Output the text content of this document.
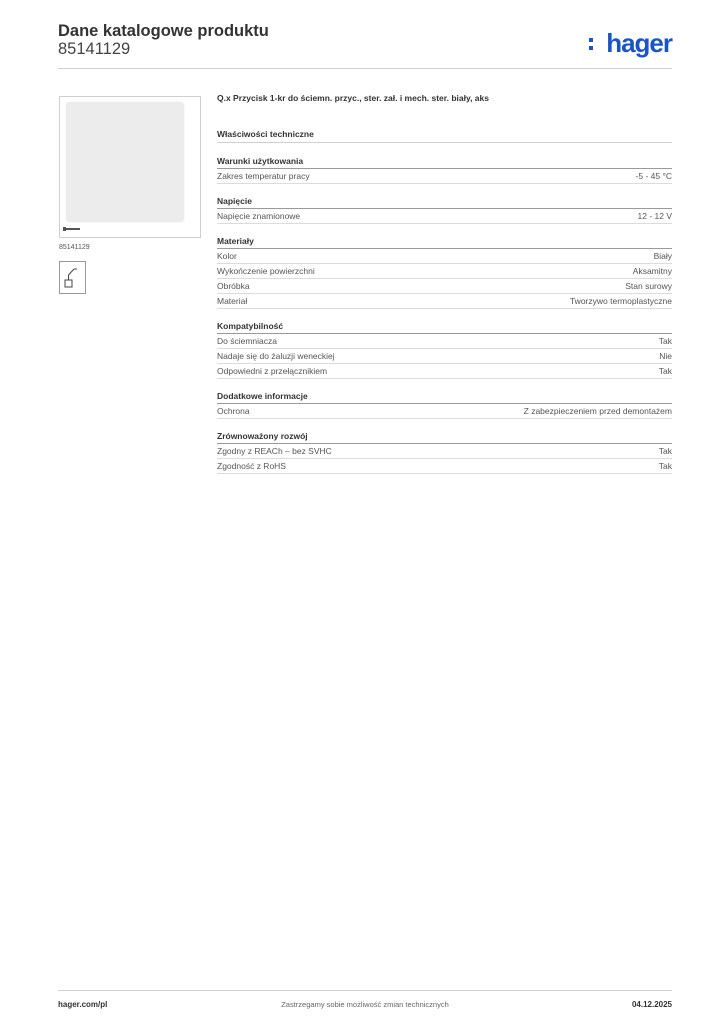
Dane katalogowe produktu
85141129	hager
85141129
Q.x Przycisk 1-kr do ściemn. przyc., ster. zał. i mech. ster. biały, aks
Właściwości techniczne
Warunki użytkowania
Zakres temperatur pracy	-5 - 45 °C
Napięcie
Napięcie znamionowe	12 - 12 V
Materiały
Kolor	Biały
Wykończenie powierzchni	Aksamitny
Obróbka	Stan surowy
Materiał	Tworzywo termoplastyczne
Kompatybilność
Do ściemniacza	Tak
Nadaje się do żaluzji weneckiej	Nie
Odpowiedni z przełącznikiem	Tak
Dodatkowe informacje
Ochrona	Z zabezpieczeniem przed demontażem
Zrównoważony rozwój
Zgodny z REACh – bez SVHC	Tak
Zgodność z RoHS	Tak
hager.com/pl	Zastrzegamy sobie możliwość zmian technicznych	04.12.2025
